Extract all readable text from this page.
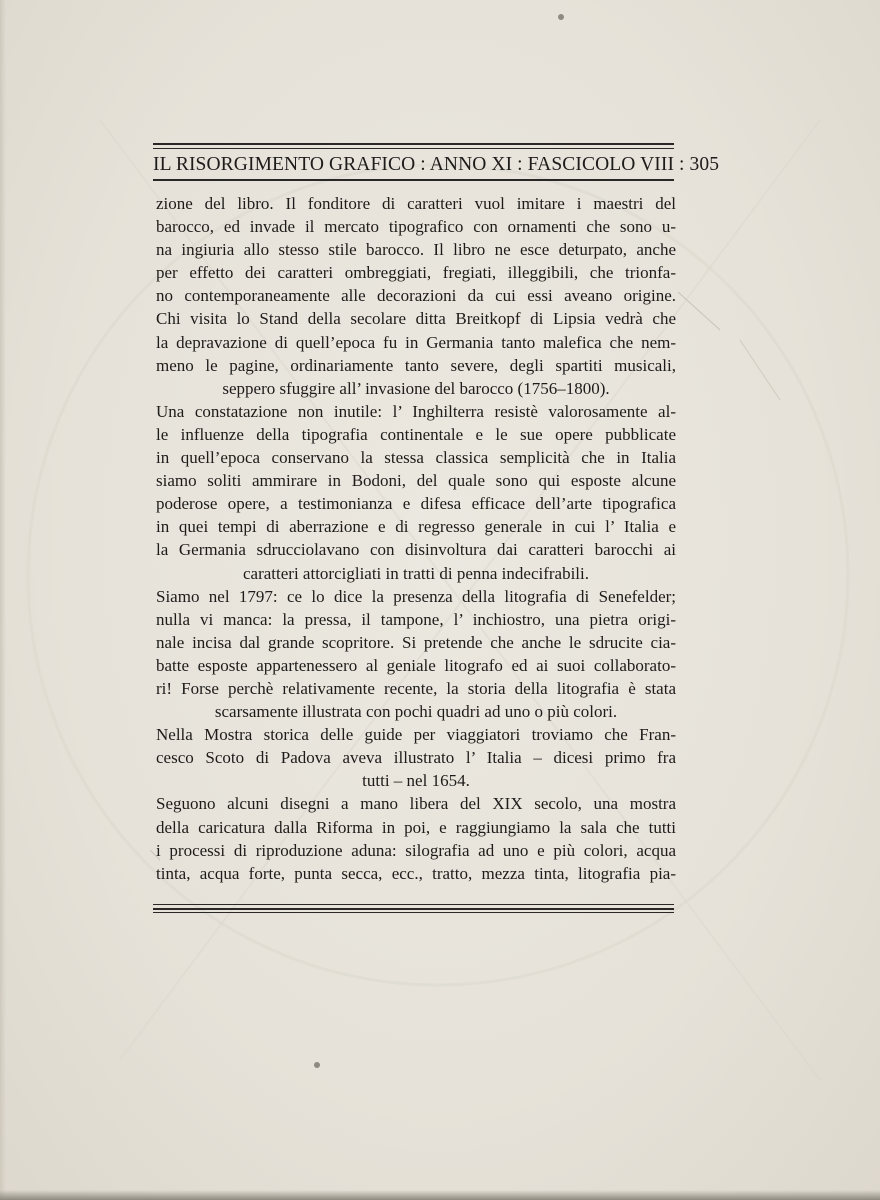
IL RISORGIMENTO GRAFICO : ANNO XI : FASCICOLO VIII : 305
zione del libro. Il fonditore di caratteri vuol imitare i maestri del
barocco, ed invade il mercato tipografico con ornamenti che sono u-
na ingiuria allo stesso stile barocco. Il libro ne esce deturpato, anche
per effetto dei caratteri ombreggiati, fregiati, illeggibili, che trionfa-
no contemporaneamente alle decorazioni da cui essi aveano origine.
Chi visita lo Stand della secolare ditta Breitkopf di Lipsia vedrà che
la depravazione di quell’epoca fu in Germania tanto malefica che nem-
meno le pagine, ordinariamente tanto severe, degli spartiti musicali,
seppero sfuggire all’ invasione del barocco (1756–1800).
Una constatazione non inutile: l’ Inghilterra resistè valorosamente al-
le influenze della tipografia continentale e le sue opere pubblicate
in quell’epoca conservano la stessa classica semplicità che in Italia
siamo soliti ammirare in Bodoni, del quale sono qui esposte alcune
poderose opere, a testimonianza e difesa efficace dell’arte tipografica
in quei tempi di aberrazione e di regresso generale in cui l’ Italia e
la Germania sdrucciolavano con disinvoltura dai caratteri barocchi ai
caratteri attorcigliati in tratti di penna indecifrabili.
Siamo nel 1797: ce lo dice la presenza della litografia di Senefelder;
nulla vi manca: la pressa, il tampone, l’ inchiostro, una pietra origi-
nale incisa dal grande scopritore. Si pretende che anche le sdrucite cia-
batte esposte appartenessero al geniale litografo ed ai suoi collaborato-
ri! Forse perchè relativamente recente, la storia della litografia è stata
scarsamente illustrata con pochi quadri ad uno o più colori.
Nella Mostra storica delle guide per viaggiatori troviamo che Fran-
cesco Scoto di Padova aveva illustrato l’ Italia – dicesi primo fra
tutti – nel 1654.
Seguono alcuni disegni a mano libera del XIX secolo, una mostra
della caricatura dalla Riforma in poi, e raggiungiamo la sala che tutti
i processi di riproduzione aduna: silografia ad uno e più colori, acqua
tinta, acqua forte, punta secca, ecc., tratto, mezza tinta, litografia pia-
